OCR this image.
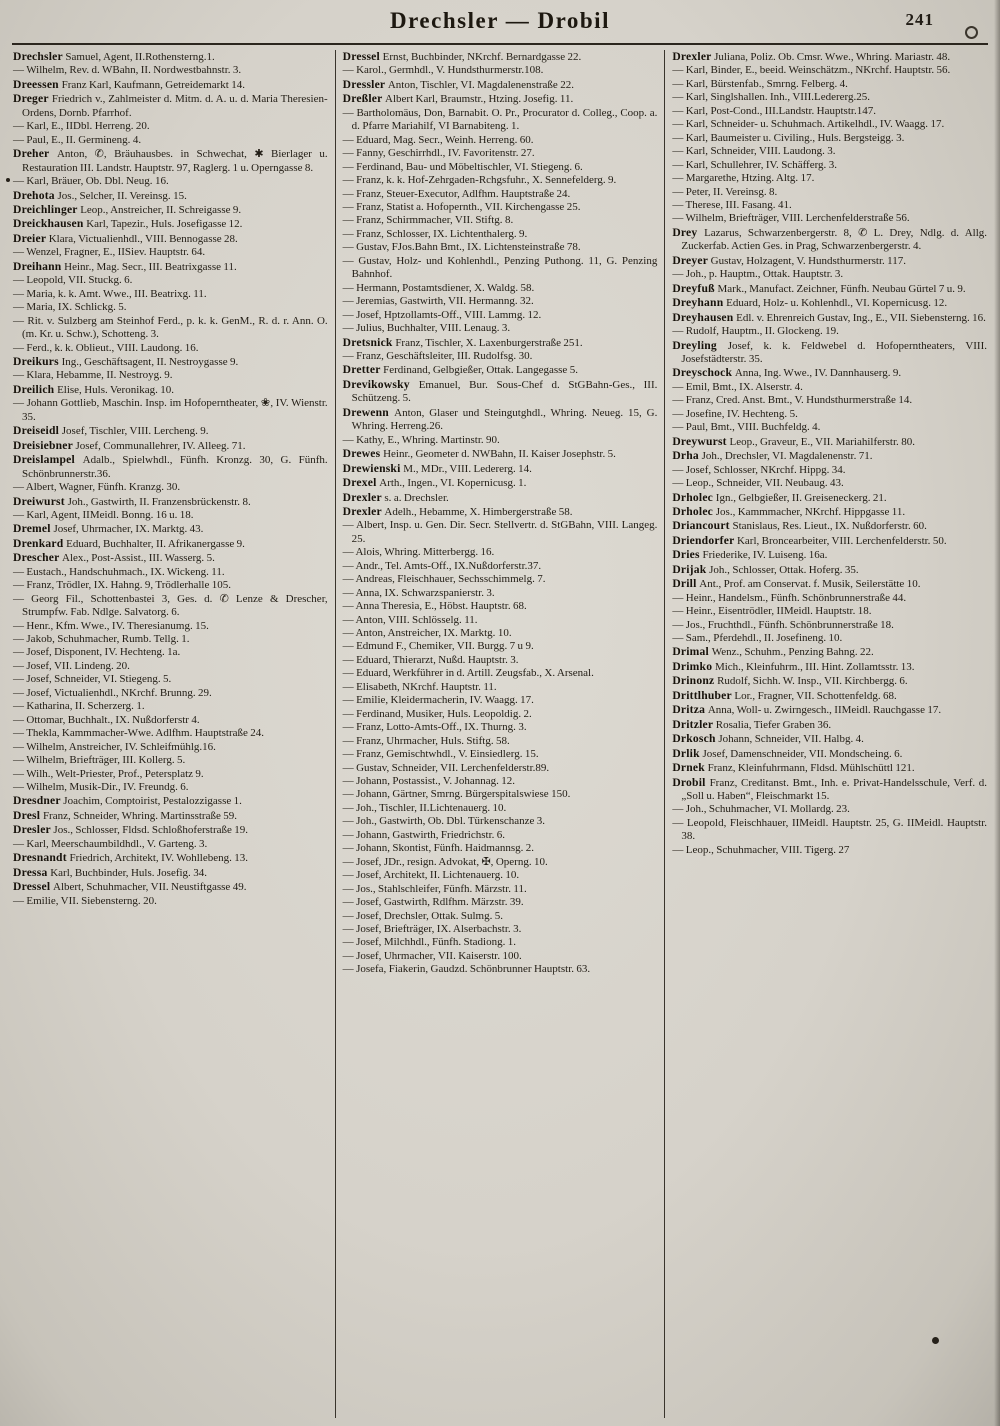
Drechsler — Drobil	241

Drechsler Samuel, Agent, II.Rothensterng.1.

— Wilhelm, Rev. d. WBahn, II. Nordwestbahnstr. 3.

Dreessen Franz Karl, Kaufmann, Getreidemarkt 14.

Dreger Friedrich v., Zahlmeister d. Mitm. d. A. u. d. Maria Theresien-Ordens, Dornb. Pfarrhof.

— Karl, E., IIDbl. Herreng. 20.

— Paul, E., II. Germineng. 4.

Dreher Anton, ✆, Bräuhausbes. in Schwechat, ✱ Bierlager u. Restauration III. Landstr. Hauptstr. 97, Raglerg. 1 u. Operngasse 8.

— Karl, Bräuer, Ob. Dbl. Neug. 16.

Drehota Jos., Selcher, II. Vereinsg. 15.

Dreichlinger Leop., Anstreicher, II. Schreigasse 9.

Dreickhausen Karl, Tapezir., Huls. Josefigasse 12.

Dreier Klara, Victualienhdl., VIII. Bennogasse 28.

— Wenzel, Fragner, E., IISiev. Hauptstr. 64.

Dreihann Heinr., Mag. Secr., III. Beatrixgasse 11.

— Leopold, VII. Stuckg. 6.

— Maria, k. k. Amt. Wwe., III. Beatrixg. 11.

— Maria, IX. Schlickg. 5.

— Rit. v. Sulzberg am Steinhof Ferd., p. k. k. GenM., R. d. r. Ann. O. (m. Kr. u. Schw.), Schotteng. 3.

— Ferd., k. k. Oblieut., VIII. Laudong. 16.

Dreikurs Ing., Geschäftsagent, II. Nestroygasse 9.

— Klara, Hebamme, II. Nestroyg. 9.

Dreilich Elise, Huls. Veronikag. 10.

— Johann Gottlieb, Maschin. Insp. im Hofoperntheater, ❀, IV. Wienstr. 35.

Dreiseidl Josef, Tischler, VIII. Lercheng. 9.

Dreisiebner Josef, Communallehrer, IV. Alleeg. 71.

Dreislampel Adalb., Spielwhdl., Fünfh. Kronzg. 30, G. Fünfh. Schönbrunnerstr.36.

— Albert, Wagner, Fünfh. Kranzg. 30.

Dreiwurst Joh., Gastwirth, II. Franzensbrückenstr. 8.

— Karl, Agent, IIMeidl. Bonng. 16 u. 18.

Dremel Josef, Uhrmacher, IX. Marktg. 43.

Drenkard Eduard, Buchhalter, II. Afrikanergasse 9.

Drescher Alex., Post-Assist., III. Wasserg. 5.

— Eustach., Handschuhmach., IX. Wickeng. 11.

— Franz, Trödler, IX. Hahng. 9, Trödlerhalle 105.

— Georg Fil., Schottenbastei 3, Ges. d. ✆ Lenze & Drescher, Strumpfw. Fab. Ndlge. Salvatorg. 6.

— Henr., Kfm. Wwe., IV. Theresianumg. 15.

— Jakob, Schuhmacher, Rumb. Tellg. 1.

— Josef, Disponent, IV. Hechteng. 1a.

— Josef, VII. Lindeng. 20.

— Josef, Schneider, VI. Stiegeng. 5.

— Josef, Victualienhdl., NKrchf. Brunng. 29.

— Katharina, II. Scherzerg. 1.

— Ottomar, Buchhalt., IX. Nußdorferstr 4.

— Thekla, Kammmacher-Wwe. Adlfhm. Hauptstraße 24.

— Wilhelm, Anstreicher, IV. Schleifmühlg.16.

— Wilhelm, Briefträger, III. Kollerg. 5.

— Wilh., Welt-Priester, Prof., Petersplatz 9.

— Wilhelm, Musik-Dir., IV. Freundg. 6.

Dresdner Joachim, Comptoirist, Pestalozzigasse 1.

Dresl Franz, Schneider, Whring. Martinsstraße 59.

Dresler Jos., Schlosser, Fldsd. Schloßhoferstraße 19.

— Karl, Meerschaumbildhdl., V. Garteng. 3.

Dresnandt Friedrich, Architekt, IV. Wohllebeng. 13.

Dressa Karl, Buchbinder, Huls. Josefig. 34.

Dressel Albert, Schuhmacher, VII. Neustiftgasse 49.

— Emilie, VII. Siebensterng. 20.

Dressel Ernst, Buchbinder, NKrchf. Bernardgasse 22.

— Karol., Germhdl., V. Hundsthurmerstr.108.

Dressler Anton, Tischler, VI. Magdalenenstraße 22.

Dreßler Albert Karl, Braumstr., Htzing. Josefig. 11.

— Bartholomäus, Don, Barnabit. O. Pr., Procurator d. Colleg., Coop. a. d. Pfarre Mariahilf, VI Barnabiteng. 1.

— Eduard, Mag. Secr., Weinh. Herreng. 60.

— Fanny, Geschirrhdl., IV. Favoritenstr. 27.

— Ferdinand, Bau- und Möbeltischler, VI. Stiegeng. 6.

— Franz, k. k. Hof-Zehrgaden-Rchgsfuhr., X. Sennefelderg. 9.

— Franz, Steuer-Executor, Adlfhm. Hauptstraße 24.

— Franz, Statist a. Hofopernth., VII. Kirchengasse 25.

— Franz, Schirmmacher, VII. Stiftg. 8.

— Franz, Schlosser, IX. Lichtenthalerg. 9.

— Gustav, FJos.Bahn Bmt., IX. Lichtensteinstraße 78.

— Gustav, Holz- und Kohlenhdl., Penzing Puthong. 11, G. Penzing Bahnhof.

— Hermann, Postamtsdiener, X. Waldg. 58.

— Jeremias, Gastwirth, VII. Hermanng. 32.

— Josef, Hptzollamts-Off., VIII. Lammg. 12.

— Julius, Buchhalter, VIII. Lenaug. 3.

Dretsnick Franz, Tischler, X. Laxenburgerstraße 251.

— Franz, Geschäftsleiter, III. Rudolfsg. 30.

Dretter Ferdinand, Gelbgießer, Ottak. Langegasse 5.

Drevikowsky Emanuel, Bur. Sous-Chef d. StGBahn-Ges., III. Schützeng. 5.

Drewenn Anton, Glaser und Steingutghdl., Whring. Neueg. 15, G. Whring. Herreng.26.

— Kathy, E., Whring. Martinstr. 90.

Drewes Heinr., Geometer d. NWBahn, II. Kaiser Josephstr. 5.

Drewienski M., MDr., VIII. Ledererg. 14.

Drexel Arth., Ingen., VI. Kopernicusg. 1.

Drexler s. a. Drechsler.

Drexler Adelh., Hebamme, X. Himbergerstraße 58.

— Albert, Insp. u. Gen. Dir. Secr. Stellvertr. d. StGBahn, VIII. Langeg. 25.

— Alois, Whring. Mitterbergg. 16.

— Andr., Tel. Amts-Off., IX.Nußdorferstr.37.

— Andreas, Fleischhauer, Sechsschimmelg. 7.

— Anna, IX. Schwarzspanierstr. 3.

— Anna Theresia, E., Höbst. Hauptstr. 68.

— Anton, VIII. Schlösselg. 11.

— Anton, Anstreicher, IX. Marktg. 10.

— Edmund F., Chemiker, VII. Burgg. 7 u 9.

— Eduard, Thierarzt, Nußd. Hauptstr. 3.

— Eduard, Werkführer in d. Artill. Zeugsfab., X. Arsenal.

— Elisabeth, NKrchf. Hauptstr. 11.

— Emilie, Kleidermacherin, IV. Waagg. 17.

— Ferdinand, Musiker, Huls. Leopoldig. 2.

— Franz, Lotto-Amts-Off., IX. Thurng. 3.

— Franz, Uhrmacher, Huls. Stiftg. 58.

— Franz, Gemischtwhdl., V. Einsiedlerg. 15.

— Gustav, Schneider, VII. Lerchenfelderstr.89.

— Johann, Postassist., V. Johannag. 12.

— Johann, Gärtner, Smrng. Bürgerspitalswiese 150.

— Joh., Tischler, II.Lichtenauerg. 10.

— Joh., Gastwirth, Ob. Dbl. Türkenschanze 3.

— Johann, Gastwirth, Friedrichstr. 6.

— Johann, Skontist, Fünfh. Haidmannsg. 2.

— Josef, JDr., resign. Advokat, ✠, Operng. 10.

— Josef, Architekt, II. Lichtenauerg. 10.

— Jos., Stahlschleifer, Fünfh. Märzstr. 11.

— Josef, Gastwirth, Rdlfhm. Märzstr. 39.

— Josef, Drechsler, Ottak. Sulmg. 5.

— Josef, Briefträger, IX. Alserbachstr. 3.

— Josef, Milchhdl., Fünfh. Stadiong. 1.

— Josef, Uhrmacher, VII. Kaiserstr. 100.

— Josefa, Fiakerin, Gaudzd. Schönbrunner Hauptstr. 63.

Drexler Juliana, Poliz. Ob. Cmsr. Wwe., Whring. Mariastr. 48.

— Karl, Binder, E., beeid. Weinschätzm., NKrchf. Hauptstr. 56.

— Karl, Bürstenfab., Smrng. Felberg. 4.

— Karl, Singlshallen. Inh., VIII.Ledererg.25.

— Karl, Post-Cond., III.Landstr. Hauptstr.147.

— Karl, Schneider- u. Schuhmach. Artikelhdl., IV. Waagg. 17.

— Karl, Baumeister u. Civiling., Huls. Bergsteigg. 3.

— Karl, Schneider, VIII. Laudong. 3.

— Karl, Schullehrer, IV. Schäfferg. 3.

— Margarethe, Htzing. Altg. 17.

— Peter, II. Vereinsg. 8.

— Therese, III. Fasang. 41.

— Wilhelm, Briefträger, VIII. Lerchenfelderstraße 56.

Drey Lazarus, Schwarzenbergerstr. 8, ✆ L. Drey, Ndlg. d. Allg. Zuckerfab. Actien Ges. in Prag, Schwarzenbergerstr. 4.

Dreyer Gustav, Holzagent, V. Hundsthurmerstr. 117.

— Joh., p. Hauptm., Ottak. Hauptstr. 3.

Dreyfuß Mark., Manufact. Zeichner, Fünfh. Neubau Gürtel 7 u. 9.

Dreyhann Eduard, Holz- u. Kohlenhdl., VI. Kopernicusg. 12.

Dreyhausen Edl. v. Ehrenreich Gustav, Ing., E., VII. Siebensterng. 16.

— Rudolf, Hauptm., II. Glockeng. 19.

Dreyling Josef, k. k. Feldwebel d. Hofoperntheaters, VIII. Josefstädterstr. 35.

Dreyschock Anna, Ing. Wwe., IV. Dannhauserg. 9.

— Emil, Bmt., IX. Alserstr. 4.

— Franz, Cred. Anst. Bmt., V. Hundsthurmerstraße 14.

— Josefine, IV. Hechteng. 5.

— Paul, Bmt., VIII. Buchfeldg. 4.

Dreywurst Leop., Graveur, E., VII. Mariahilferstr. 80.

Drha Joh., Drechsler, VI. Magdalenenstr. 71.

— Josef, Schlosser, NKrchf. Hippg. 34.

— Leop., Schneider, VII. Neubaug. 43.

Drholec Ign., Gelbgießer, II. Greiseneckerg. 21.

Drholec Jos., Kammmacher, NKrchf. Hippgasse 11.

Driancourt Stanislaus, Res. Lieut., IX. Nußdorferstr. 60.

Driendorfer Karl, Broncearbeiter, VIII. Lerchenfelderstr. 50.

Dries Friederike, IV. Luiseng. 16a.

Drijak Joh., Schlosser, Ottak. Hoferg. 35.

Drill Ant., Prof. am Conservat. f. Musik, Seilerstätte 10.

— Heinr., Handelsm., Fünfh. Schönbrunnerstraße 44.

— Heinr., Eisentrödler, IIMeidl. Hauptstr. 18.

— Jos., Fruchthdl., Fünfh. Schönbrunnerstraße 18.

— Sam., Pferdehdl., II. Josefineng. 10.

Drimal Wenz., Schuhm., Penzing Bahng. 22.

Drimko Mich., Kleinfuhrm., III. Hint. Zollamtsstr. 13.

Drinonz Rudolf, Sichh. W. Insp., VII. Kirchbergg. 6.

Drittlhuber Lor., Fragner, VII. Schottenfeldg. 68.

Dritza Anna, Woll- u. Zwirngesch., IIMeidl. Rauchgasse 17.

Dritzler Rosalia, Tiefer Graben 36.

Drkosch Johann, Schneider, VII. Halbg. 4.

Drlik Josef, Damenschneider, VII. Mondscheing. 6.

Drnek Franz, Kleinfuhrmann, Fldsd. Mühlschüttl 121.

Drobil Franz, Creditanst. Bmt., Inh. e. Privat-Handelsschule, Verf. d. „Soll u. Haben“, Fleischmarkt 15.

— Joh., Schuhmacher, VI. Mollardg. 23.

— Leopold, Fleischhauer, IIMeidl. Hauptstr. 25, G. IIMeidl. Hauptstr. 38.

— Leop., Schuhmacher, VIII. Tigerg. 27
